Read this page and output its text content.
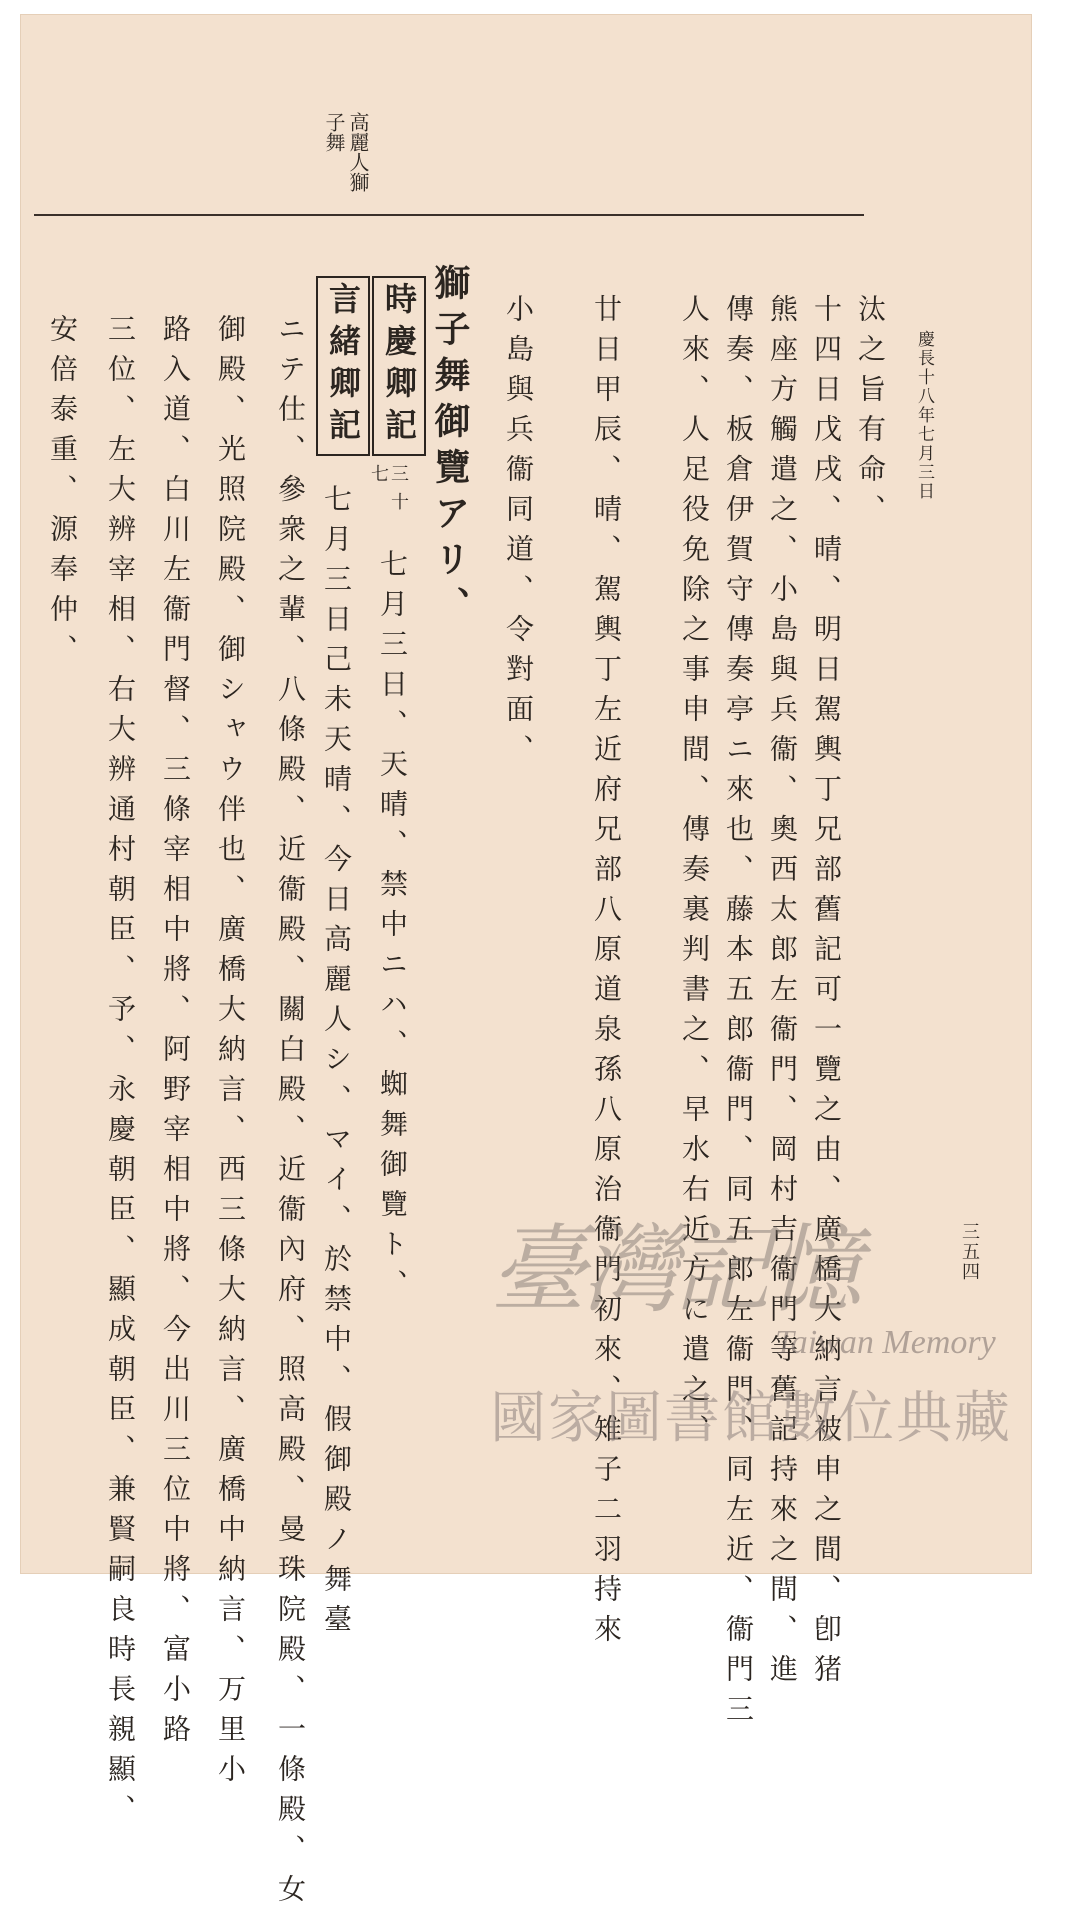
三五四
慶長十八年七月三日
高麗人獅
子舞
汰之旨有命、
十四日戊戌、晴、明日駕輿丁兄部舊記可一覽之由、廣橋大納言被申之間、卽猪
熊座方觸遣之、小島與兵衞、奧西太郎左衞門、岡村吉衞門等舊記持來之間、進
傳奏、板倉伊賀守傳奏亭ニ來也、藤本五郎衞門、同五郎左衞門、同左近、衞門三
人來、人足役免除之事申間、傳奏裏判書之、早水右近方に遣之、
廿日甲辰、晴、駕輿丁左近府兄部八原道泉孫八原治衞門初來、雉子二羽持來
小島與兵衞同道、令對面、
獅子舞御覽アリ、
時慶卿記
三十
七
七月三日、天晴、禁中ニハ、蜘舞御覽ト、
言緒卿記
七月三日己未天晴、今日高麗人シ、マイ、於禁中、假御殿ノ舞臺
ニテ仕、參衆之輩、八條殿、近衞殿、關白殿、近衞內府、照高殿、曼珠院殿、一條殿、女
御殿、光照院殿、御シャウ伴也、廣橋大納言、西三條大納言、廣橋中納言、万里小
路入道、白川左衞門督、三條宰相中將、阿野宰相中將、今出川三位中將、富小路
三位、左大辨宰相、右大辨通村朝臣、予、永慶朝臣、顯成朝臣、兼賢嗣良時長親顯、
安倍泰重、源奉仲、
臺灣記憶
Taiwan Memory
國家圖書館數位典藏
